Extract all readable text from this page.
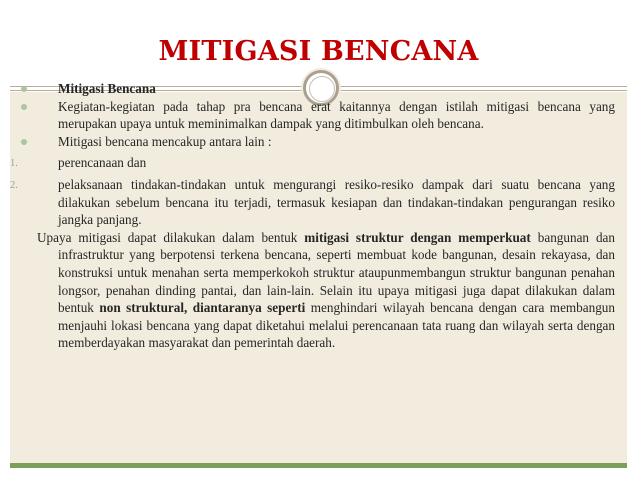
MITIGASI BENCANA
Mitigasi Bencana
Kegiatan-kegiatan pada tahap pra bencana erat kaitannya dengan istilah mitigasi bencana yang merupakan upaya untuk meminimalkan dampak yang ditimbulkan oleh bencana.
Mitigasi bencana mencakup antara lain :
1.	perencanaan dan
2.	pelaksanaan tindakan-tindakan untuk mengurangi resiko-resiko dampak dari suatu bencana yang dilakukan sebelum bencana itu terjadi, termasuk kesiapan dan tindakan-tindakan pengurangan resiko jangka panjang.
Upaya mitigasi dapat dilakukan dalam bentuk mitigasi struktur dengan memperkuat bangunan dan infrastruktur yang berpotensi terkena bencana, seperti membuat kode bangunan, desain rekayasa, dan konstruksi untuk menahan serta memperkokoh struktur ataupunmembangun struktur bangunan penahan longsor, penahan dinding pantai, dan lain-lain. Selain itu upaya mitigasi juga dapat dilakukan dalam bentuk non struktural, diantaranya seperti menghindari wilayah bencana dengan cara membangun menjauhi lokasi bencana yang dapat diketahui melalui perencanaan tata ruang dan wilayah serta dengan memberdayakan masyarakat dan pemerintah daerah.
